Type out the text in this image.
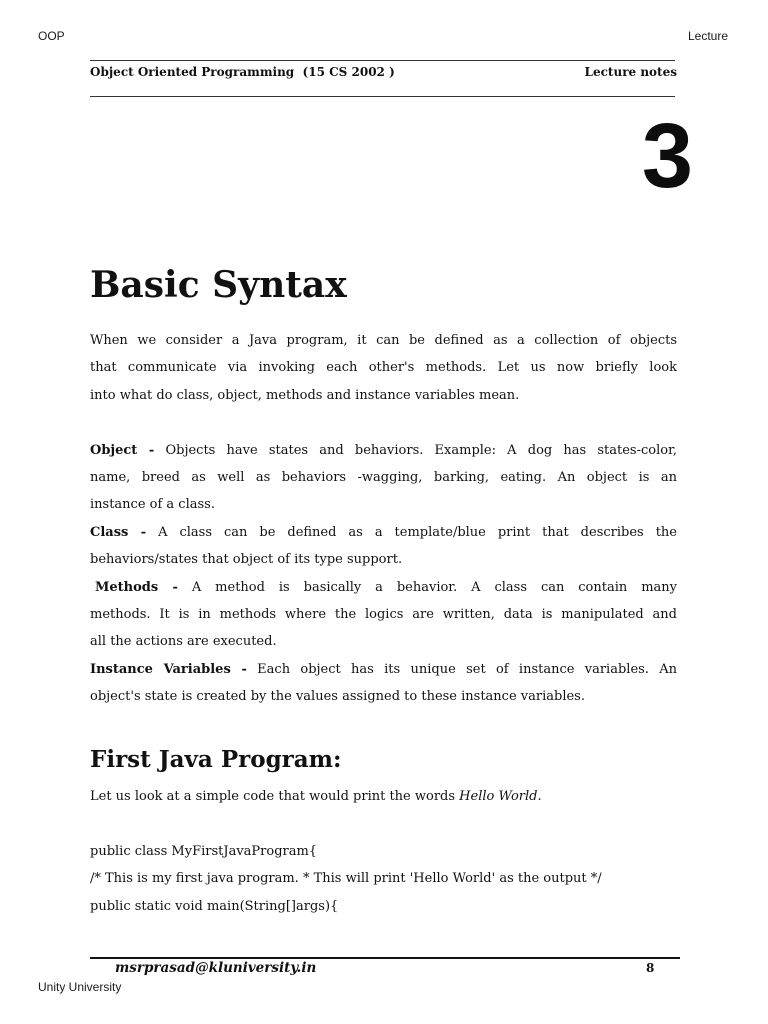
OOP	Lecture
Object Oriented Programming  (15 CS 2002 )	Lecture notes
3
Basic Syntax
When we consider a Java program, it can be defined as a collection of objects
that communicate via invoking each other's methods. Let us now briefly look
into what do class, object, methods and instance variables mean.
Object - Objects have states and behaviors. Example: A dog has states-color,
name, breed as well as behaviors -wagging, barking, eating. An object is an
instance of a class.
Class - A class can be defined as a template/blue print that describes the
behaviors/states that object of its type support.
Methods - A method is basically a behavior. A class can contain many
methods. It is in methods where the logics are written, data is manipulated and
all the actions are executed.
Instance Variables - Each object has its unique set of instance variables. An
object's state is created by the values assigned to these instance variables.
First Java Program:
Let us look at a simple code that would print the words Hello World.
public class MyFirstJavaProgram{
/* This is my first java program. * This will print 'Hello World' as the output */
public static void main(String[]args){
msrprasad@kluniversity.in	8
Unity University
